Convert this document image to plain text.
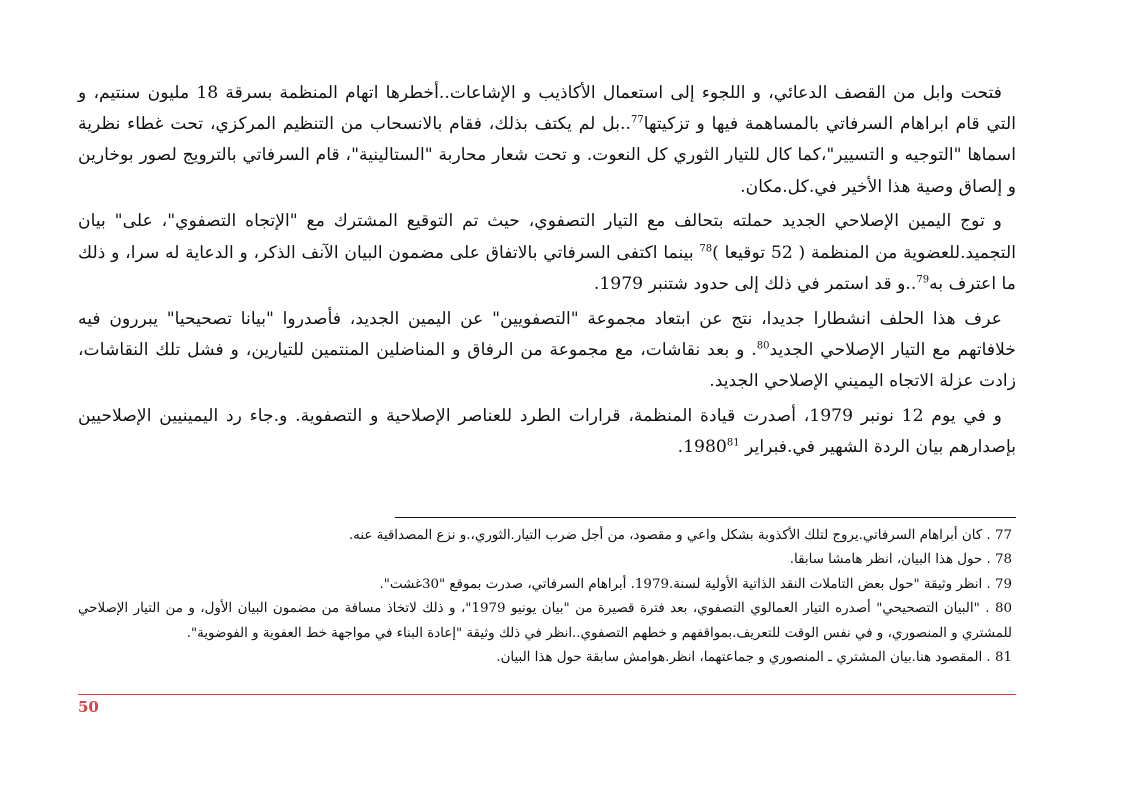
فتحت وابل من القصف الدعائي، و اللجوء إلى استعمال الأكاذيب و الإشاعات..أخطرها اتهام المنظمة بسرقة 18 مليون سنتيم، و التي قام ابراهام السرفاتي بالمساهمة فيها و تزكيتها$^{77}$..بل لم يكتف بذلك، فقام بالانسحاب من التنظيم المركزي، تحت غطاء نظرية اسماها "التوجيه و التسيير"،كما كال للتيار الثوري كل النعوت. و تحت شعار محاربة "الستالينية"، قام السرفاتي بالترويج لصور بوخارين و إلصاق وصية هذا الأخير في.كل.مكان.

و توج اليمين الإصلاحي الجديد حملته بتحالف مع التيار التصفوي، حيث تم التوقيع المشترك مع "الإتجاه التصفوي"، على" بيان التجميد.للعضوية من المنظمة ( 52 توقيعا )$^{78}$ بينما اكتفى السرفاتي بالاتفاق على مضمون البيان الآنف الذكر، و الدعاية له سرا، و ذلك ما اعترف به$^{79}$..و قد استمر في ذلك إلى حدود شتنبر 1979.

عرف هذا الحلف انشطارا جديدا، نتج عن ابتعاد مجموعة "التصفويين" عن اليمين الجديد، فأصدروا "بيانا تصحيحيا" يبررون فيه خلافاتهم مع التيار الإصلاحي الجديد$^{80}$. و بعد نقاشات، مع مجموعة من الرفاق و المناضلين المنتمين للتيارين، و فشل تلك النقاشات، زادت عزلة الاتجاه اليميني الإصلاحي الجديد.

و في يوم 12 نونبر 1979، أصدرت قيادة المنظمة، قرارات الطرد للعناصر الإصلاحية و التصفوية. و.جاء رد اليمينيين الإصلاحيين بإصدارهم بيان الردة الشهير في.فبراير 1980$^{81}$.

77 . كان أبراهام السرفاتي.يروج لتلك الأكذوبة بشكل واعي و مقصود، من أجل ضرب التيار.الثوري،.و نزع المصداقية عنه.

78 . حول هذا البيان، انظر هامشا سابقا.

79 . انظر وثيقة "حول بعض التاملات النقد الذاتية الأولية لسنة.1979. أبراهام السرفاتي، صدرت بموقع "30غشت".

80 . "البيان التصحيحي" أصدره التيار العمالوي التصفوي، بعد فترة قصيرة من "بيان يونيو 1979"، و ذلك لاتخاذ مسافة من مضمون البيان الأول، و من التيار الإصلاحي للمشتري و المنصوري، و في نفس الوقت للتعريف.بمواقفهم و خطهم التصفوي..انظر في ذلك وثيقة "إعادة البناء في مواجهة خط العفوية و الفوضوية".

81 . المقصود هنا.بيان المشتري ـ المنصوري و جماعتهما، انظر.هوامش سابقة حول هذا البيان.

50
